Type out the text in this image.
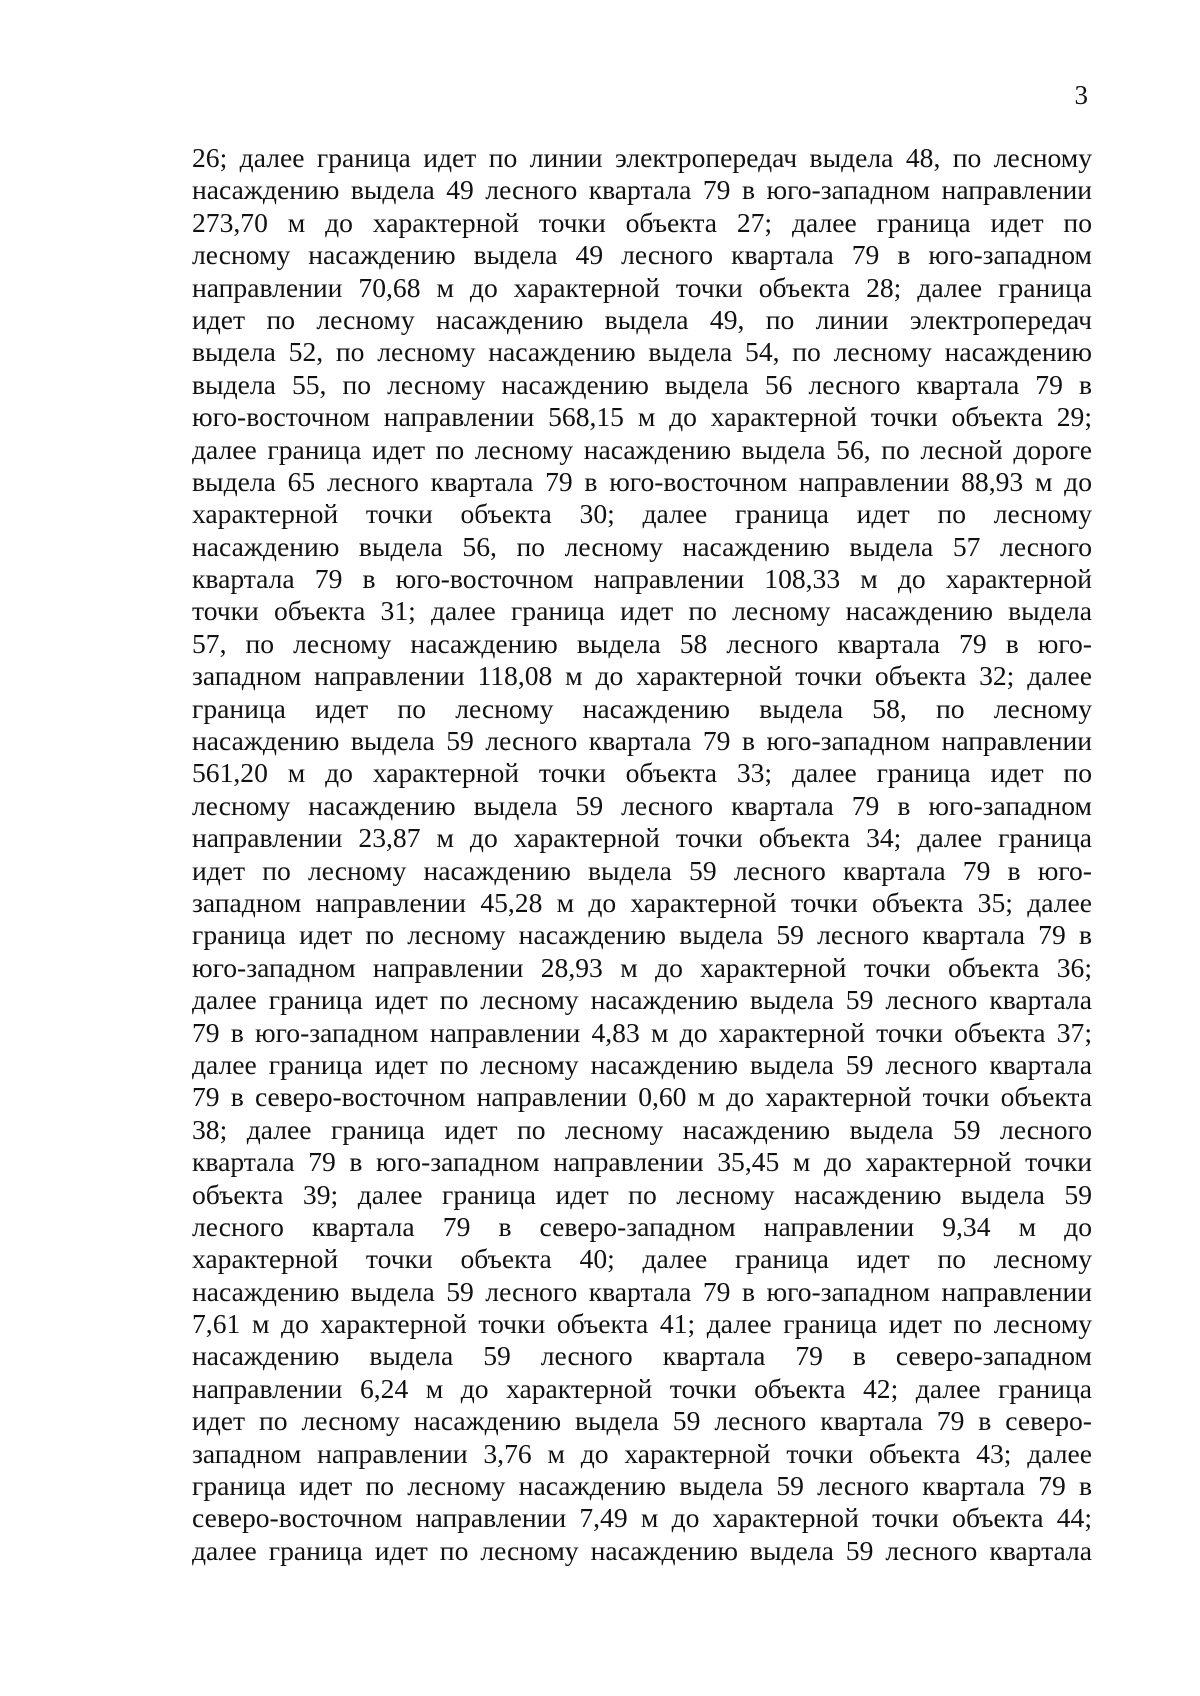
3

26; далее граница идет по линии электропередач выдела 48, по лесному
насаждению выдела 49 лесного квартала 79 в юго-западном направлении
273,70 м до характерной точки объекта 27; далее граница идет по
лесному насаждению выдела 49 лесного квартала 79 в юго-западном
направлении 70,68 м до характерной точки объекта 28; далее граница
идет по лесному насаждению выдела 49, по линии электропередач
выдела 52, по лесному насаждению выдела 54, по лесному насаждению
выдела 55, по лесному насаждению выдела 56 лесного квартала 79 в
юго-восточном направлении 568,15 м до характерной точки объекта 29;
далее граница идет по лесному насаждению выдела 56, по лесной дороге
выдела 65 лесного квартала 79 в юго-восточном направлении 88,93 м до
характерной точки объекта 30; далее граница идет по лесному
насаждению выдела 56, по лесному насаждению выдела 57 лесного
квартала 79 в юго-восточном направлении 108,33 м до характерной
точки объекта 31; далее граница идет по лесному насаждению выдела
57, по лесному насаждению выдела 58 лесного квартала 79 в юго-
западном направлении 118,08 м до характерной точки объекта 32; далее
граница идет по лесному насаждению выдела 58, по лесному
насаждению выдела 59 лесного квартала 79 в юго-западном направлении
561,20 м до характерной точки объекта 33; далее граница идет по
лесному насаждению выдела 59 лесного квартала 79 в юго-западном
направлении 23,87 м до характерной точки объекта 34; далее граница
идет по лесному насаждению выдела 59 лесного квартала 79 в юго-
западном направлении 45,28 м до характерной точки объекта 35; далее
граница идет по лесному насаждению выдела 59 лесного квартала 79 в
юго-западном направлении 28,93 м до характерной точки объекта 36;
далее граница идет по лесному насаждению выдела 59 лесного квартала
79 в юго-западном направлении 4,83 м до характерной точки объекта 37;
далее граница идет по лесному насаждению выдела 59 лесного квартала
79 в северо-восточном направлении 0,60 м до характерной точки объекта
38; далее граница идет по лесному насаждению выдела 59 лесного
квартала 79 в юго-западном направлении 35,45 м до характерной точки
объекта 39; далее граница идет по лесному насаждению выдела 59
лесного квартала 79 в северо-западном направлении 9,34 м до
характерной точки объекта 40; далее граница идет по лесному
насаждению выдела 59 лесного квартала 79 в юго-западном направлении
7,61 м до характерной точки объекта 41; далее граница идет по лесному
насаждению выдела 59 лесного квартала 79 в северо-западном
направлении 6,24 м до характерной точки объекта 42; далее граница
идет по лесному насаждению выдела 59 лесного квартала 79 в северо-
западном направлении 3,76 м до характерной точки объекта 43; далее
граница идет по лесному насаждению выдела 59 лесного квартала 79 в
северо-восточном направлении 7,49 м до характерной точки объекта 44;
далее граница идет по лесному насаждению выдела 59 лесного квартала
